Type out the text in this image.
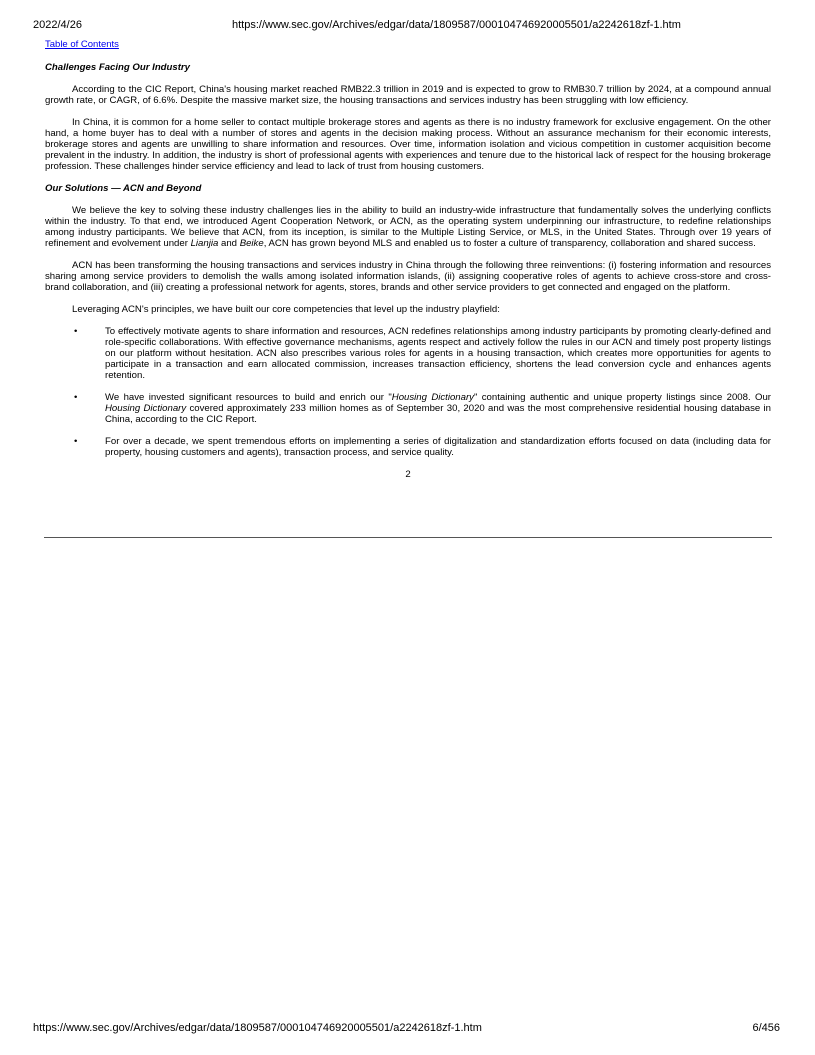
2022/4/26	https://www.sec.gov/Archives/edgar/data/1809587/000104746920005501/a2242618zf-1.htm
Table of Contents
Challenges Facing Our Industry

According to the CIC Report, China's housing market reached RMB22.3 trillion in 2019 and is expected to grow to RMB30.7 trillion by 2024, at a compound annual growth rate, or CAGR, of 6.6%. Despite the massive market size, the housing transactions and services industry has been struggling with low efficiency.

In China, it is common for a home seller to contact multiple brokerage stores and agents as there is no industry framework for exclusive engagement. On the other hand, a home buyer has to deal with a number of stores and agents in the decision making process. Without an assurance mechanism for their economic interests, brokerage stores and agents are unwilling to share information and resources. Over time, information isolation and vicious competition in customer acquisition become prevalent in the industry. In addition, the industry is short of professional agents with experiences and tenure due to the historical lack of respect for the housing brokerage profession. These challenges hinder service efficiency and lead to lack of trust from housing customers.

Our Solutions — ACN and Beyond

We believe the key to solving these industry challenges lies in the ability to build an industry-wide infrastructure that fundamentally solves the underlying conflicts within the industry. To that end, we introduced Agent Cooperation Network, or ACN, as the operating system underpinning our infrastructure, to redefine relationships among industry participants. We believe that ACN, from its inception, is similar to the Multiple Listing Service, or MLS, in the United States. Through over 19 years of refinement and evolvement under Lianjia and Beike, ACN has grown beyond MLS and enabled us to foster a culture of transparency, collaboration and shared success.

ACN has been transforming the housing transactions and services industry in China through the following three reinventions: (i) fostering information and resources sharing among service providers to demolish the walls among isolated information islands, (ii) assigning cooperative roles of agents to achieve cross-store and cross-brand collaboration, and (iii) creating a professional network for agents, stores, brands and other service providers to get connected and engaged on the platform.

Leveraging ACN's principles, we have built our core competencies that level up the industry playfield:

•	To effectively motivate agents to share information and resources, ACN redefines relationships among industry participants by promoting clearly-defined and role-specific collaborations. With effective governance mechanisms, agents respect and actively follow the rules in our ACN and timely post property listings on our platform without hesitation. ACN also prescribes various roles for agents in a housing transaction, which creates more opportunities for agents to participate in a transaction and earn allocated commission, increases transaction efficiency, shortens the lead conversion cycle and enhances agents retention.
•	We have invested significant resources to build and enrich our "Housing Dictionary" containing authentic and unique property listings since 2008. Our Housing Dictionary covered approximately 233 million homes as of September 30, 2020 and was the most comprehensive residential housing database in China, according to the CIC Report.
•	For over a decade, we spent tremendous efforts on implementing a series of digitalization and standardization efforts focused on data (including data for property, housing customers and agents), transaction process, and service quality.
2
https://www.sec.gov/Archives/edgar/data/1809587/000104746920005501/a2242618zf-1.htm	6/456
